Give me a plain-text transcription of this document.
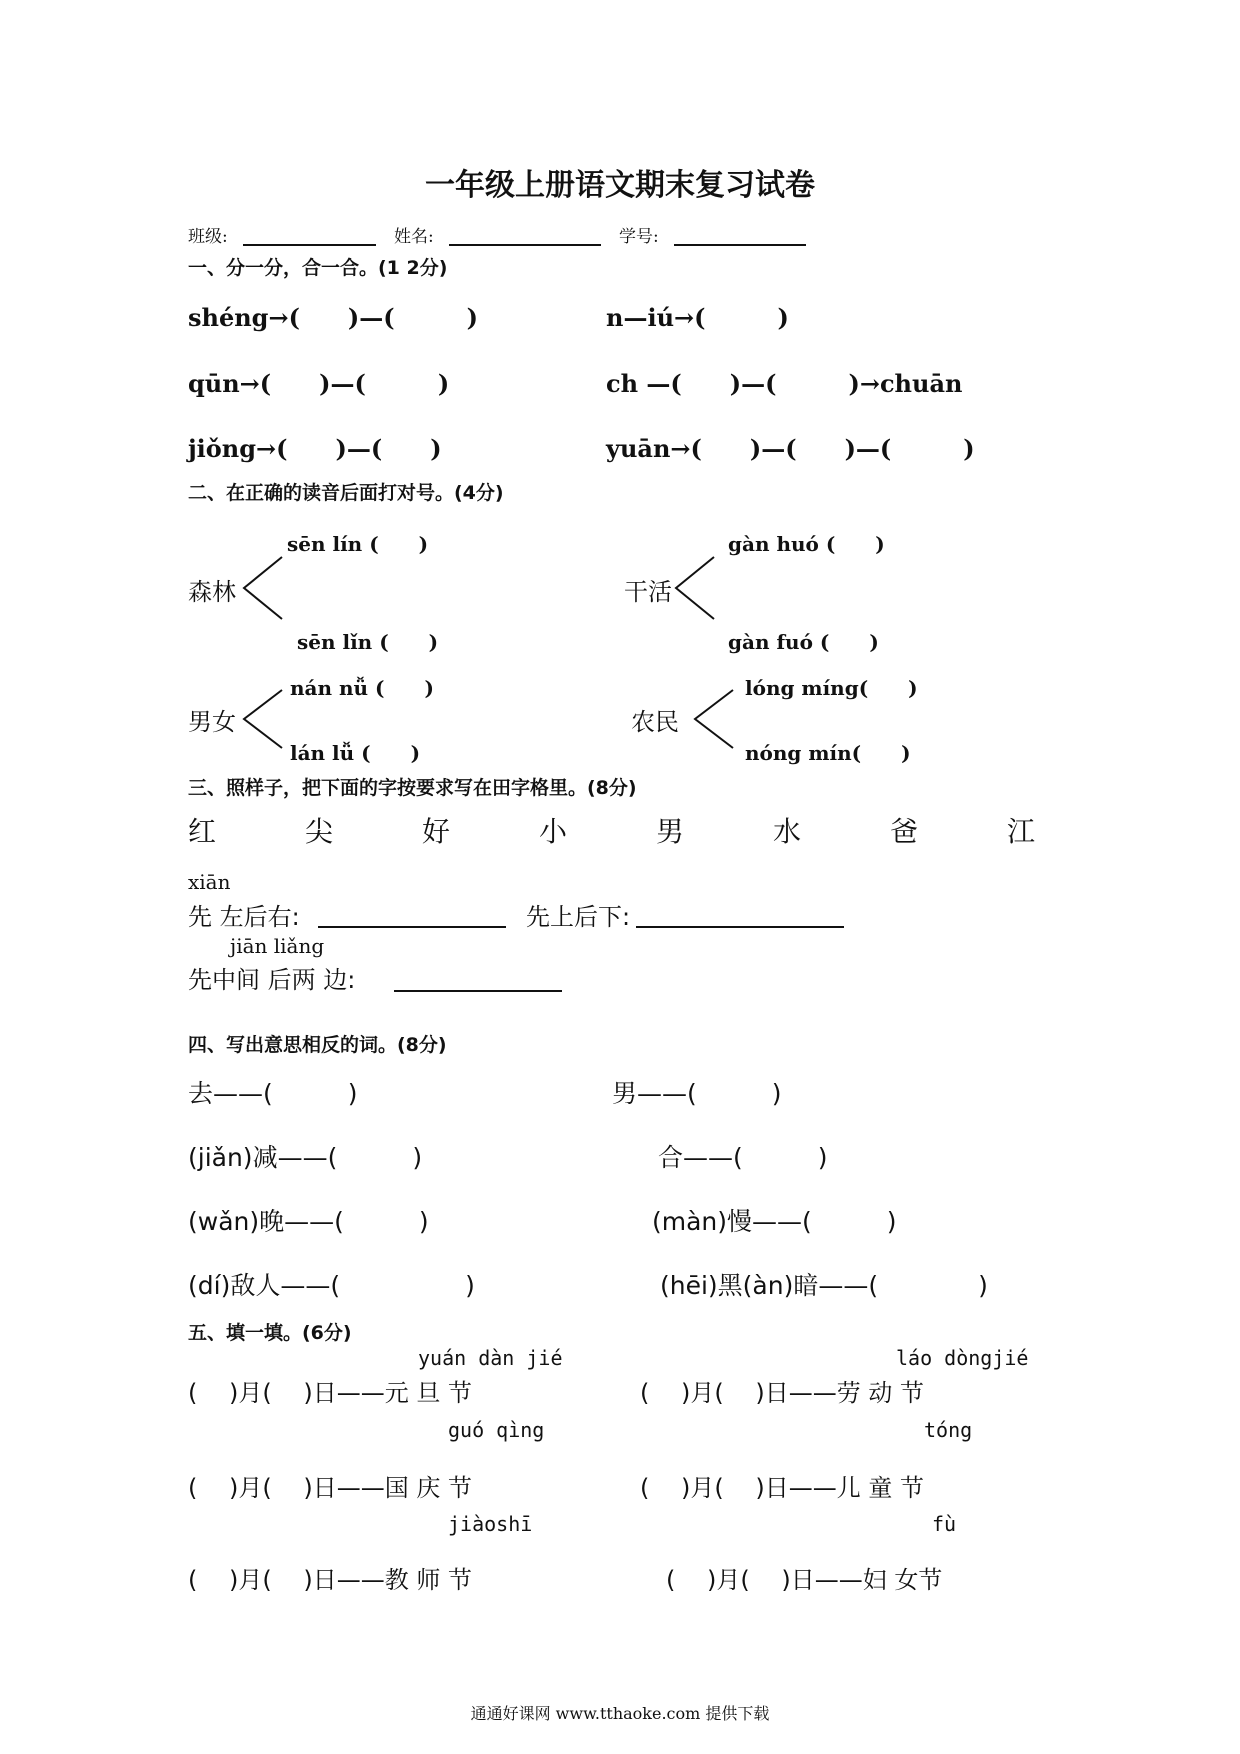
一年级上册语文期末复习试卷
班级:	姓名:	学号:
一、分一分，合一合。(1 2分)
shéng→(　　)—(　　　)	n—iú→(　　　)
qūn→(　　)—(　　　)	ch —(　　)—(　　　)→chuān
jiǒng→(　　)—(　　)	yuān→(　　)—(　　)—(　　　)
二、在正确的读音后面打对号。(4分)
森林
sēn lín (　　)
sēn lǐn (　　)
干活
gàn huó (　　)
gàn fuó (　　)
男女
nán nǚ (　　)
lán lǚ (　　)
农民
lóng míng(　　)
nóng mín(　　)
三、照样子，把下面的字按要求写在田字格里。(8分)
红	尖	好	小	男	水	爸	江
xiān
先 左后右:	先上后下:
jiān liǎng
先中间 后两 边:
四、写出意思相反的词。(8分)
去——(　　　)	男——(　　　)
(jiǎn)减——(　　　)	合——(　　　)
(wǎn)晚——(　　　)	(màn)慢——(　　　)
(dí)敌人——(　　　　　)	(hēi)黑(àn)暗——(　　　　)
五、填一填。(6分)
yuán dàn jié	láo dòngjié
(　 )月(　 )日——元 旦 节	(　 )月(　 )日——劳 动 节
guó qìng	tóng
(　 )月(　 )日——国 庆 节	(　 )月(　 )日——儿 童 节
jiàoshī	fù
(　 )月(　 )日——教 师 节	(　 )月(　 )日——妇 女节
通通好课网 www.tthaoke.com 提供下载
